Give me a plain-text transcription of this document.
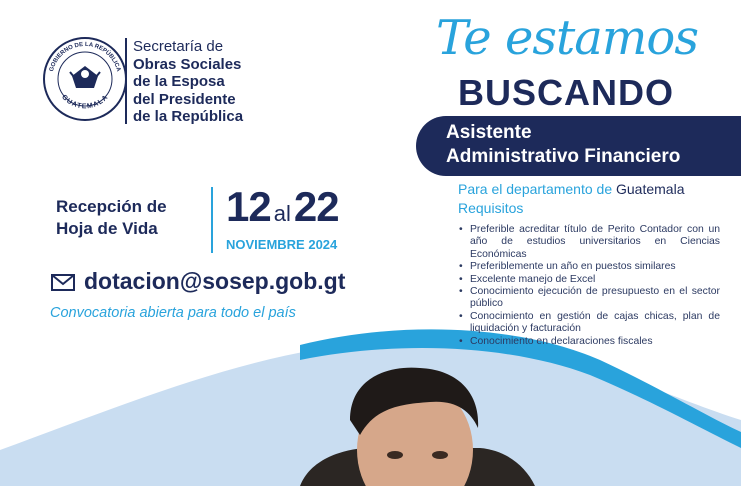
GOBIERNO DE LA REPÚBLICA
GUATEMALA
Secretaría de
Obras Sociales
de la Esposa
del Presidente
de la República
Te estamos
BUSCANDO
Asistente
Administrativo Financiero
Para el departamento de Guatemala
Requisitos
• Preferible acreditar título de Perito Contador con un año de estudios universitarios en Ciencias Económicas
• Preferiblemente un año en puestos similares
• Excelente manejo de Excel
• Conocimiento ejecución de presupuesto en el sector público
• Conocimiento en gestión de cajas chicas, plan de liquidación y facturación
• Conocimiento en declaraciones fiscales
Recepción de
Hoja de Vida 12 al22
NOVIEMBRE 2024
dotacion@sosep.gob.gt
Convocatoria abierta para todo el país
